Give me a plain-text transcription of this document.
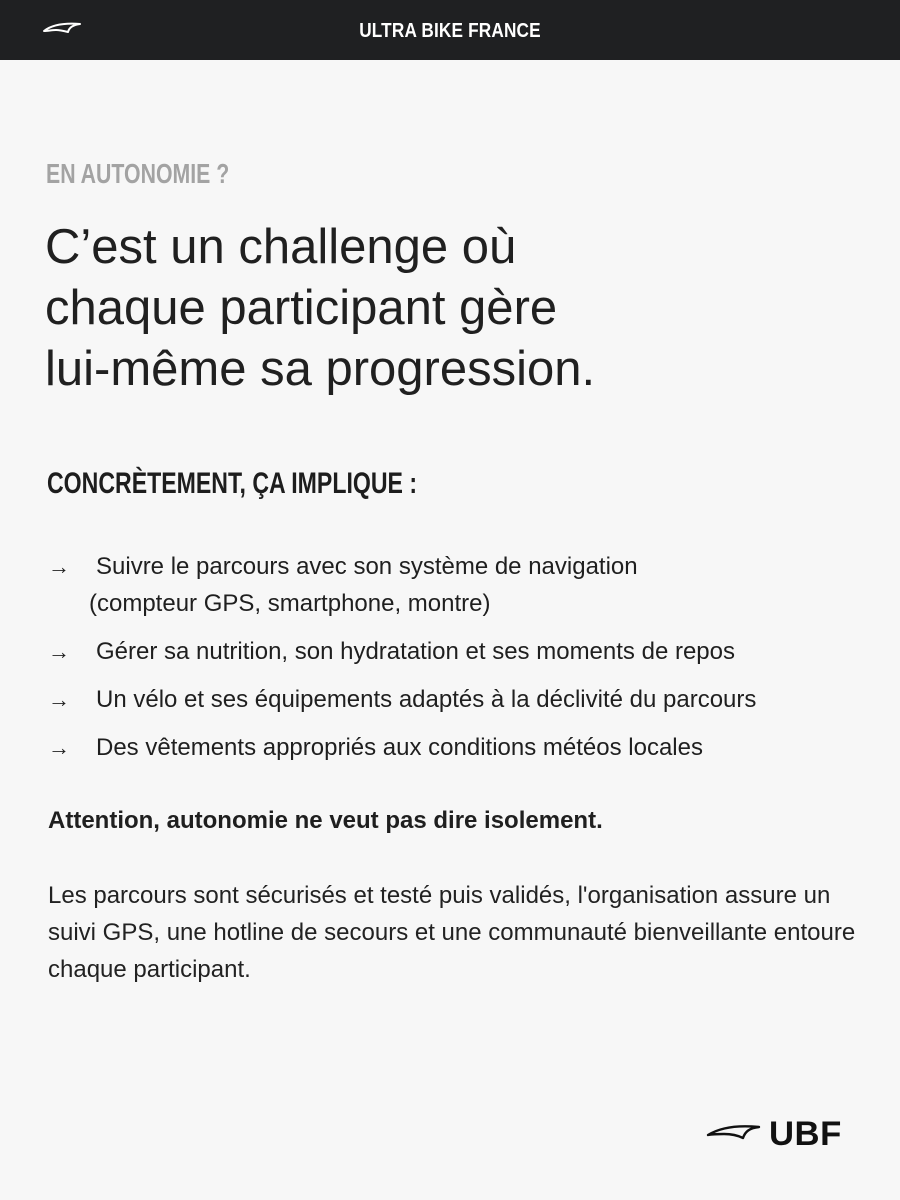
ULTRA BIKE FRANCE
EN AUTONOMIE ?
C’est un challenge où
chaque participant gère
lui-même sa progression.
CONCRÈTEMENT, ÇA IMPLIQUE :
→	Suivre le parcours avec son système de navigation
(compteur GPS, smartphone, montre)
→	Gérer sa nutrition, son hydratation et ses moments de repos
→	Un vélo et ses équipements adaptés à la déclivité du parcours
→	Des vêtements appropriés aux conditions météos locales
Attention, autonomie ne veut pas dire isolement.

Les parcours sont sécurisés et testé puis validés, l'organisation assure un suivi GPS, une hotline de secours et une communauté bienveillante entoure chaque participant.

UBF
